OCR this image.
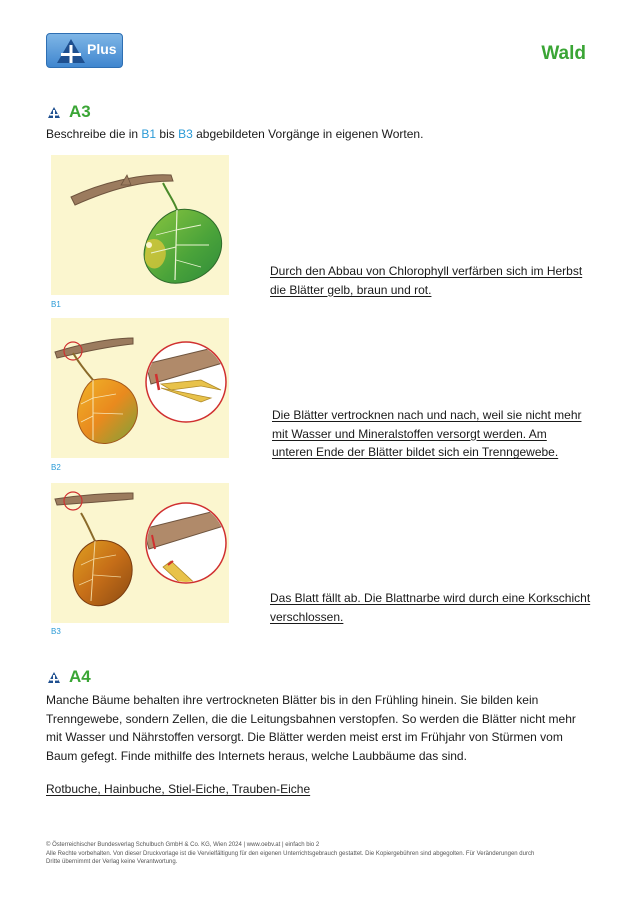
Plus	Wald
A3
Beschreibe die in B1 bis B3 abgebildeten Vorgänge in eigenen Worten.
B1
Durch den Abbau von Chlorophyll verfärben sich im Herbst
die Blätter gelb, braun und rot.
B2
Die Blätter vertrocknen nach und nach, weil sie nicht mehr
mit Wasser und Mineralstoffen versorgt werden. Am
unteren Ende der Blätter bildet sich ein Trenngewebe.
B3
Das Blatt fällt ab. Die Blattnarbe wird durch eine Korkschicht
verschlossen.
A4
Manche Bäume behalten ihre vertrockneten Blätter bis in den Frühling hinein. Sie bilden kein
Trenngewebe, sondern Zellen, die die Leitungsbahnen verstopfen. So werden die Blätter nicht mehr
mit Wasser und Nährstoffen versorgt. Die Blätter werden meist erst im Frühjahr von Stürmen vom
Baum gefegt. Finde mithilfe des Internets heraus, welche Laubbäume das sind.
Rotbuche, Hainbuche, Stiel-Eiche, Trauben-Eiche
© Österreichischer Bundesverlag Schulbuch GmbH & Co. KG, Wien 2024 | www.oebv.at | einfach bio 2
Alle Rechte vorbehalten. Von dieser Druckvorlage ist die Vervielfältigung für den eigenen Unterrichtsgebrauch gestattet. Die Kopiergebühren sind abgegolten. Für Veränderungen durch
Dritte übernimmt der Verlag keine Verantwortung.
